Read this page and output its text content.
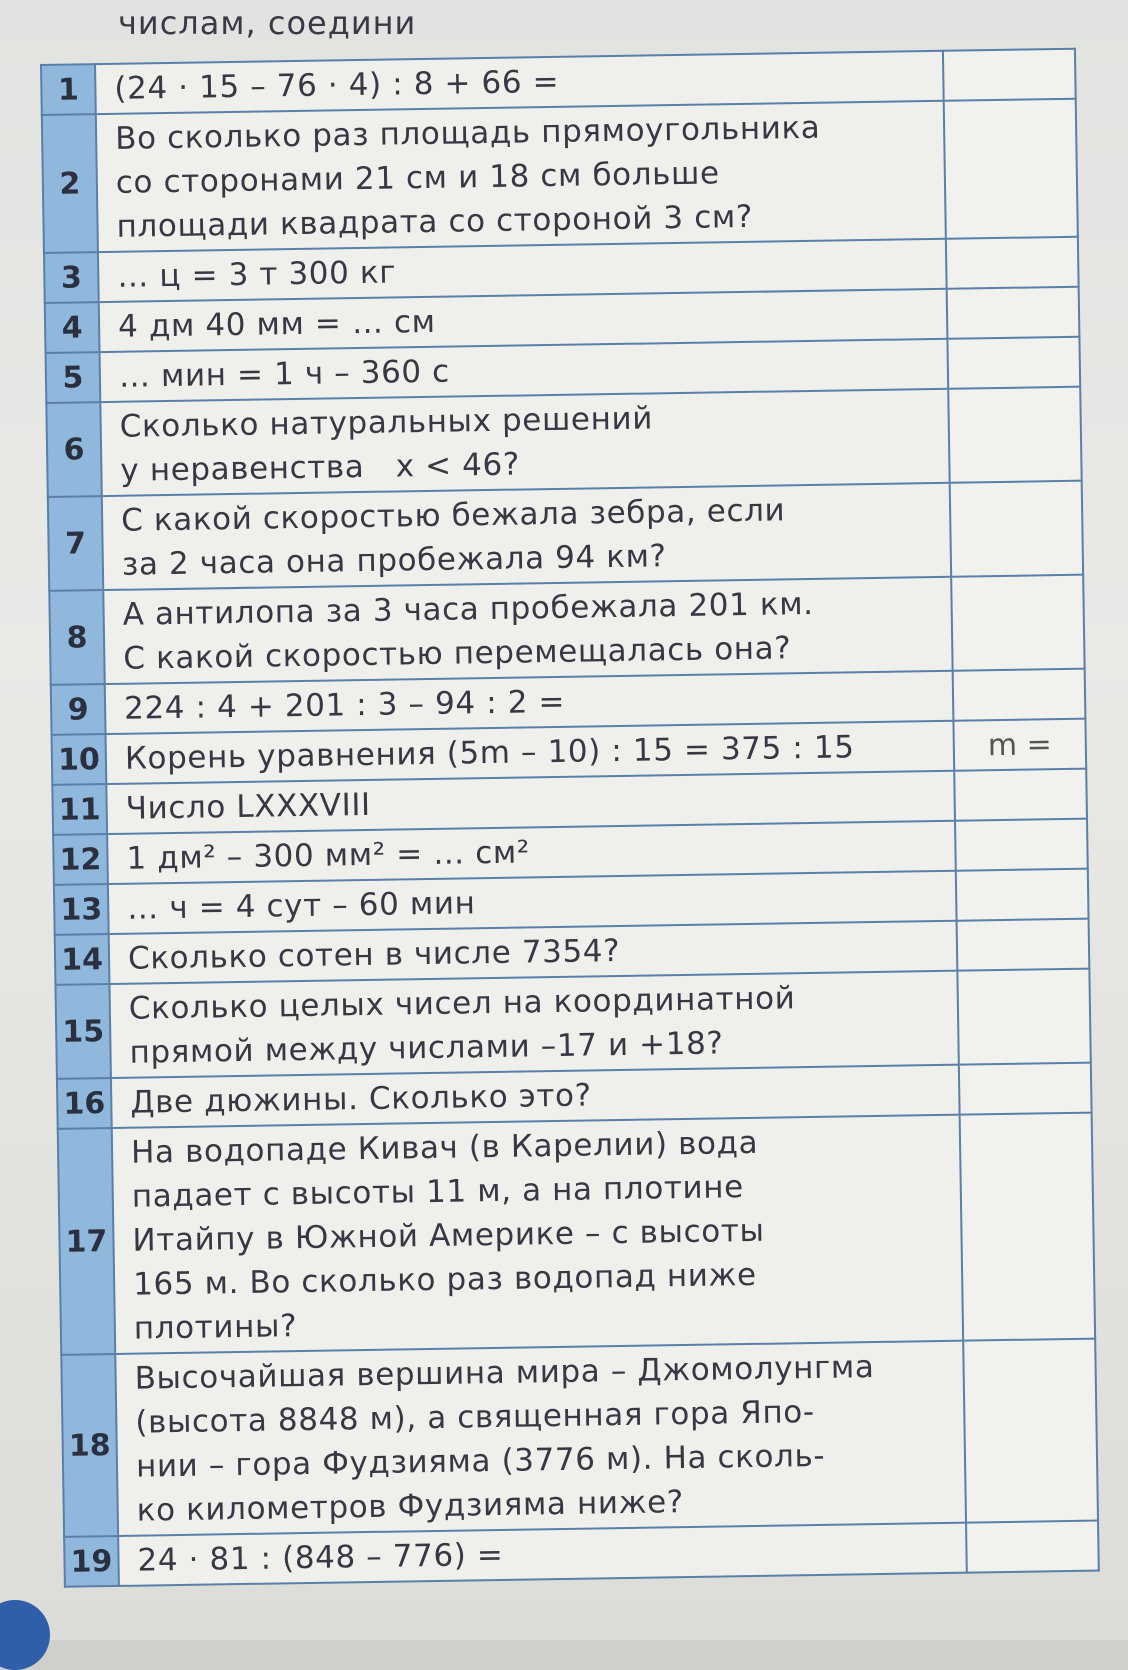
числам, соедини
1	(24 · 15 – 76 · 4) : 8 + 66 =	

2	Во сколько раз площадь прямоугольника
со сторонами 21 см и 18 см больше
площади квадрата со стороной 3 см?	

3	… ц = 3 т 300 кг	

4	4 дм 40 мм = … см	

5	… мин = 1 ч – 360 с	

6	Сколько натуральных решений
у неравенства   x < 46?	

7	С какой скоростью бежала зебра, если
за 2 часа она пробежала 94 км?	

8	А антилопа за 3 часа пробежала 201 км.
С какой скоростью перемещалась она?	

9	224 : 4 + 201 : 3 – 94 : 2 =	

10	Корень уравнения (5m – 10) : 15 = 375 : 15	m =
11	Число LXXXVIII	

12	1 дм² – 300 мм² = … см²	

13	… ч = 4 сут – 60 мин	

14	Сколько сотен в числе 7354?	

15	Сколько целых чисел на координатной
прямой между числами –17 и +18?	

16	Две дюжины. Сколько это?	

17	На водопаде Кивач (в Карелии) вода
падает с высоты 11 м, а на плотине
Итайпу в Южной Америке – с высоты
165 м. Во сколько раз водопад ниже
плотины?	

18	Высочайшая вершина мира – Джомолунгма
(высота 8848 м), а священная гора Япо-
нии – гора Фудзияма (3776 м). На сколь-
ко километров Фудзияма ниже?	

19	24 · 81 : (848 – 776) =	
